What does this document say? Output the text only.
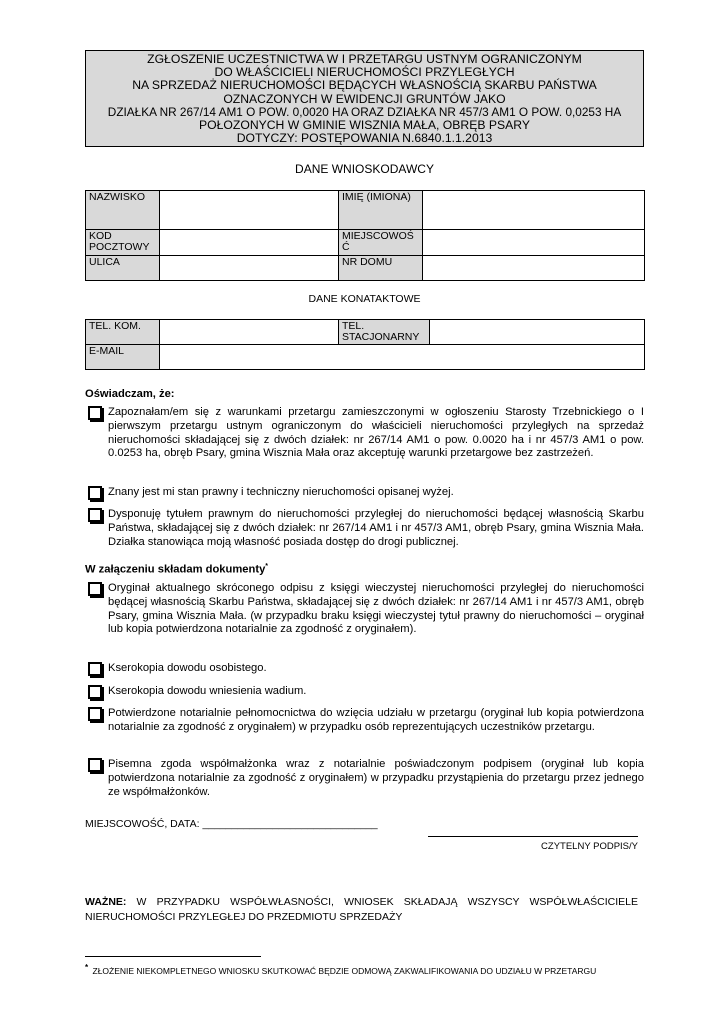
ZGŁOSZENIE UCZESTNICTWA W I PRZETARGU USTNYM OGRANICZONYM
DO WŁAŚCICIELI NIERUCHOMOŚCI PRZYLEGŁYCH
NA SPRZEDAŻ NIERUCHOMOŚCI BĘDĄCYCH WŁASNOŚCIĄ SKARBU PAŃSTWA
OZNACZONYCH W EWIDENCJI GRUNTÓW JAKO
DZIAŁKA NR 267/14 AM1 O POW. 0,0020 HA ORAZ DZIAŁKA NR 457/3 AM1 O POW. 0,0253 HA
POŁOZONYCH W GMINIE WISZNIA MAŁA, OBRĘB PSARY
DOTYCZY: POSTĘPOWANIA N.6840.1.1.2013
DANE WNIOSKODAWCY
NAZWISKO		IMIĘ (IMIONA)	
KOD POCZTOWY		MIEJSCOWOŚĆ	
ULICA		NR DOMU	
DANE KONATAKTOWE
TEL. KOM.		TEL. STACJONARNY	
E-MAIL			
Oświadczam, że:
Zapoznałam/em się z warunkami przetargu zamieszczonymi w ogłoszeniu Starosty Trzebnickiego o I pierwszym przetargu ustnym ograniczonym do właścicieli nieruchomości przyległych na sprzedaż nieruchomości składającej się z dwóch działek: nr 267/14 AM1 o pow. 0.0020 ha i nr 457/3 AM1 o pow. 0.0253 ha, obręb Psary, gmina Wisznia Mała oraz akceptuję warunki przetargowe bez zastrzeżeń.
Znany jest mi stan prawny i techniczny nieruchomości opisanej wyżej.
Dysponuję tytułem prawnym do nieruchomości przyległej do nieruchomości będącej własnością Skarbu Państwa, składającej się z dwóch działek: nr 267/14 AM1 i nr 457/3 AM1, obręb Psary, gmina Wisznia Mała. Działka stanowiąca moją własność posiada dostęp do drogi publicznej.
W załączeniu składam dokumenty*
Oryginał aktualnego skróconego odpisu z księgi wieczystej nieruchomości przyległej do nieruchomości będącej własnością Skarbu Państwa, składającej się z dwóch działek: nr 267/14 AM1 i nr 457/3 AM1, obręb Psary, gmina Wisznia Mała. (w przypadku braku księgi wieczystej tytuł prawny do nieruchomości – oryginał lub kopia potwierdzona notarialnie za zgodność z oryginałem).
Kserokopia dowodu osobistego.
Kserokopia dowodu wniesienia wadium.
Potwierdzone notarialnie pełnomocnictwa do wzięcia udziału w przetargu (oryginał lub kopia potwierdzona notarialnie za zgodność z oryginałem) w przypadku osób reprezentujących uczestników przetargu.
Pisemna zgoda współmałżonka wraz z notarialnie poświadczonym podpisem (oryginał lub kopia potwierdzona notarialnie za zgodność z oryginałem) w przypadku przystąpienia do przetargu przez jednego ze współmałżonków.
MIEJSCOWOŚĆ, DATA: ______________________________
CZYTELNY PODPIS/Y
WAŻNE: W PRZYPADKU WSPÓŁWŁASNOŚCI, WNIOSEK SKŁADAJĄ WSZYSCY WSPÓŁWŁAŚCICIELE NIERUCHOMOŚCI PRZYLEGŁEJ DO PRZEDMIOTU SPRZEDAŻY
* ZŁOŻENIE NIEKOMPLETNEGO WNIOSKU SKUTKOWAĆ BĘDZIE ODMOWĄ ZAKWALIFIKOWANIA DO UDZIAŁU W PRZETARGU
